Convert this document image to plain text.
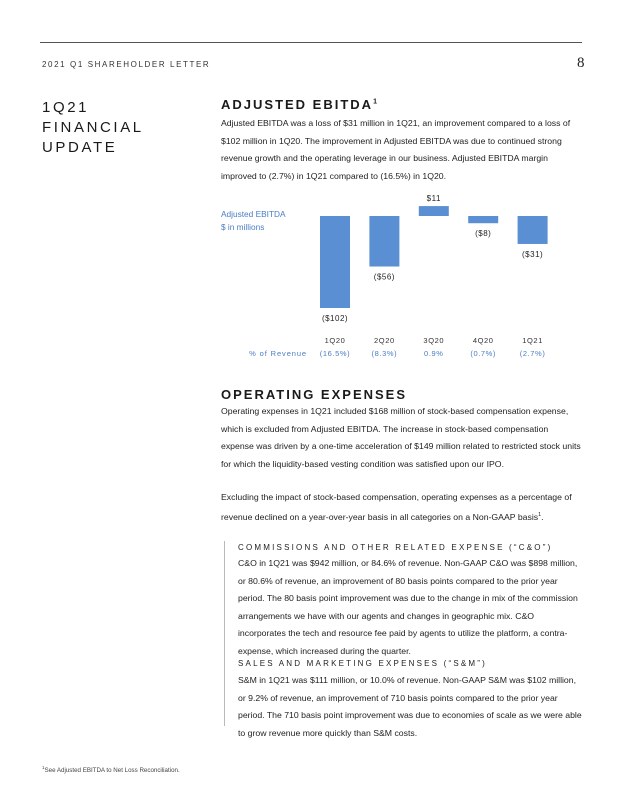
2021 Q1 SHAREHOLDER LETTER	8
1Q21
FINANCIAL
UPDATE
ADJUSTED EBITDA$^1$
Adjusted EBITDA was a loss of $31 million in 1Q21, an improvement compared to a loss of $102 million in 1Q20. The improvement in Adjusted EBITDA was due to continued strong revenue growth and the operating leverage in our business. Adjusted EBITDA margin improved to (2.7%) in 1Q21 compared to (16.5%) in 1Q20.
Adjusted EBITDA
$ in millions
($102)
1Q20
(16.5%)
($56)
2Q20
(8.3%)
$11
3Q20
0.9%
($8)
4Q20
(0.7%)
($31)
1Q21
(2.7%)
% of Revenue
OPERATING EXPENSES
Operating expenses in 1Q21 included $168 million of stock-based compensation expense, which is excluded from Adjusted EBITDA. The increase in stock-based compensation expense was driven by a one-time acceleration of $149 million related to restricted stock units for which the liquidity-based vesting condition was satisfied upon our IPO.
Excluding the impact of stock-based compensation, operating expenses as a percentage of revenue declined on a year-over-year basis in all categories on a Non-GAAP basis$^1$.
COMMISSIONS AND OTHER RELATED EXPENSE (“C&O”)
C&O in 1Q21 was $942 million, or 84.6% of revenue. Non-GAAP C&O was $898 million, or 80.6% of revenue, an improvement of 80 basis points compared to the prior year period. The 80 basis point improvement was due to the change in mix of the commission arrangements we have with our agents and changes in geographic mix. C&O incorporates the tech and resource fee paid by agents to utilize the platform, a contra-expense, which increased during the quarter.
SALES AND MARKETING EXPENSES (“S&M”)
S&M in 1Q21 was $111 million, or 10.0% of revenue. Non-GAAP S&M was $102 million, or 9.2% of revenue, an improvement of 710 basis points compared to the prior year period. The 710 basis point improvement was due to economies of scale as we were able to grow revenue more quickly than S&M costs.
$^1$See Adjusted EBITDA to Net Loss Reconciliation.
